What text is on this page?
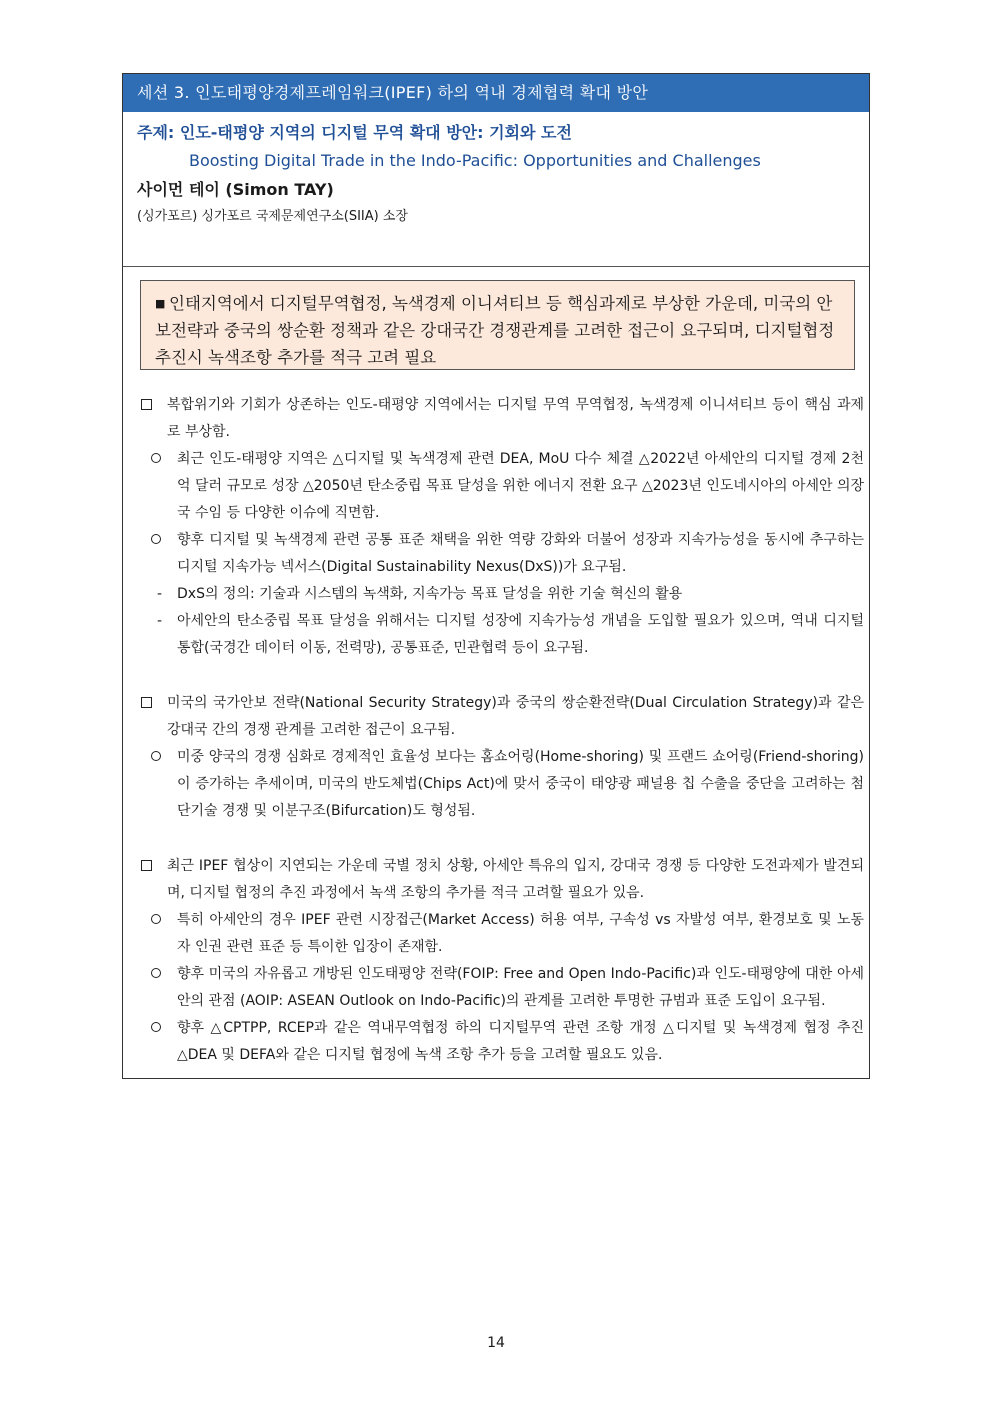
세션 3. 인도태평양경제프레임워크(IPEF) 하의 역내 경제협력 확대 방안
주제: 인도-태평양 지역의 디지털 무역 확대 방안: 기회와 도전
Boosting Digital Trade in the Indo-Pacific: Opportunities and Challenges
사이먼 테이 (Simon TAY)
(싱가포르) 싱가포르 국제문제연구소(SIIA) 소장
■ 인태지역에서 디지털무역협정, 녹색경제 이니셔티브 등 핵심과제로 부상한 가운데, 미국의 안보전략과 중국의 쌍순환 정책과 같은 강대국간 경쟁관계를 고려한 접근이 요구되며, 디지털협정 추진시 녹색조항 추가를 적극 고려 필요
복합위기와 기회가 상존하는 인도-태평양 지역에서는 디지털 무역 무역협정, 녹색경제 이니셔티브 등이 핵심 과제로 부상함.
최근 인도-태평양 지역은 △디지털 및 녹색경제 관련 DEA, MoU 다수 체결 △2022년 아세안의 디지털 경제 2천억 달러 규모로 성장 △2050년 탄소중립 목표 달성을 위한 에너지 전환 요구 △2023년 인도네시아의 아세안 의장국 수임 등 다양한 이슈에 직면함.
향후 디지털 및 녹색경제 관련 공통 표준 채택을 위한 역량 강화와 더불어 성장과 지속가능성을 동시에 추구하는 디지털 지속가능 넥서스(Digital Sustainability Nexus(DxS))가 요구됨.
- DxS의 정의: 기술과 시스템의 녹색화, 지속가능 목표 달성을 위한 기술 혁신의 활용
- 아세안의 탄소중립 목표 달성을 위해서는 디지털 성장에 지속가능성 개념을 도입할 필요가 있으며, 역내 디지털 통합(국경간 데이터 이동, 전력망), 공통표준, 민관협력 등이 요구됨.
미국의 국가안보 전략(National Security Strategy)과 중국의 쌍순환전략(Dual Circulation Strategy)과 같은 강대국 간의 경쟁 관계를 고려한 접근이 요구됨.
미중 양국의 경쟁 심화로 경제적인 효율성 보다는 홈쇼어링(Home-shoring) 및 프랜드 쇼어링(Friend-shoring)이 증가하는 추세이며, 미국의 반도체법(Chips Act)에 맞서 중국이 태양광 패널용 칩 수출을 중단을 고려하는 첨단기술 경쟁 및 이분구조(Bifurcation)도 형성됨.
최근 IPEF 협상이 지연되는 가운데 국별 정치 상황, 아세안 특유의 입지, 강대국 경쟁 등 다양한 도전과제가 발견되며, 디지털 협정의 추진 과정에서 녹색 조항의 추가를 적극 고려할 필요가 있음.
특히 아세안의 경우 IPEF 관련 시장접근(Market Access) 허용 여부, 구속성 vs 자발성 여부, 환경보호 및 노동자 인권 관련 표준 등 특이한 입장이 존재함.
향후 미국의 자유롭고 개방된 인도태평양 전략(FOIP: Free and Open Indo-Pacific)과 인도-태평양에 대한 아세안의 관점 (AOIP: ASEAN Outlook on Indo-Pacific)의 관계를 고려한 투명한 규범과 표준 도입이 요구됨.
향후 △CPTPP, RCEP과 같은 역내무역협정 하의 디지털무역 관련 조항 개정 △디지털 및 녹색경제 협정 추진 △DEA 및 DEFA와 같은 디지털 협정에 녹색 조항 추가 등을 고려할 필요도 있음.
14
